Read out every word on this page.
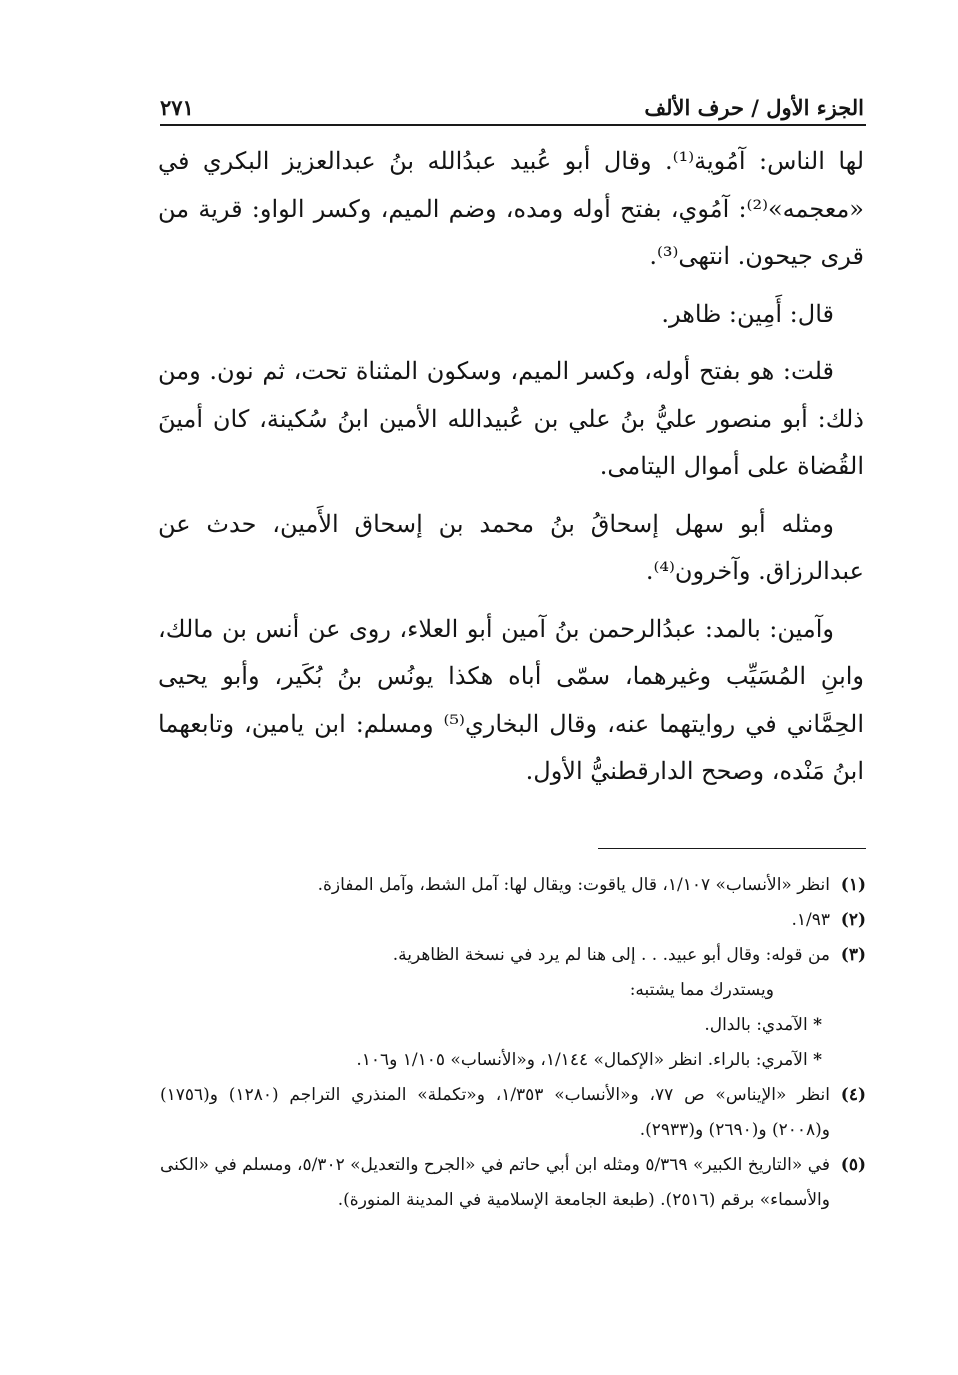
الجزء الأول / حرف الألف
٢٧١

لها الناس: آمُوية⁽¹⁾. وقال أبو عُبيد عبدُالله بنُ عبدالعزيز البكري في «معجمه»⁽²⁾: آمُوي، بفتح أوله ومده، وضم الميم، وكسر الواو: قرية من قرى جيحون. انتهى⁽³⁾.

قال: أَمِين: ظاهر.

قلت: هو بفتح أوله، وكسر الميم، وسكون المثناة تحت، ثم نون. ومن ذلك: أبو منصور عليُّ بنُ علي بن عُبيدالله الأمين ابنُ سُكينة، كان أمينَ القُضاة على أموال اليتامى.

ومثله أبو سهل إسحاقُ بنُ محمد بن إسحاق الأَمين، حدث عن عبدالرزاق. وآخرون⁽⁴⁾.

وآمين: بالمد: عبدُالرحمن بنُ آمين أبو العلاء، روى عن أنس بن مالك، وابنِ المُسَيِّب وغيرهما، سمّى أباه هكذا يونُس بنُ بُكَير، وأبو يحيى الحِمَّاني في روايتهما عنه، وقال البخاري⁽⁵⁾ ومسلم: ابن يامين، وتابعهما ابنُ مَنْده، وصحح الدارقطنيُّ الأول.

(١)
انظر «الأنساب» ١/١٠٧، قال ياقوت: ويقال لها: آمل الشط، وآمل المفازة.
(٢)
١/٩٣.
(٣)

من قوله: وقال أبو عبيد. . . إلى هنا لم يرد في نسخة الظاهرية.

ويستدرك مما يشتبه:

* الآمدي: بالدال.

* الآمري: بالراء. انظر «الإكمال» ١/١٤٤، و«الأنساب» ١/١٠٥ و١٠٦.

(٤)
انظر «الإيناس» ص ٧٧، و«الأنساب» ١/٣٥٣، و«تكملة» المنذري التراجم (١٢٨٠) و(١٧٥٦) و(٢٠٠٨) و(٢٦٩٠) و(٢٩٣٣).
(٥)
في «التاريخ الكبير» ٥/٣٦٩ ومثله ابن أبي حاتم في «الجرح والتعديل» ٥/٣٠٢، ومسلم في «الكنى والأسماء» برقم (٢٥١٦). (طبعة الجامعة الإسلامية في المدينة المنورة).
